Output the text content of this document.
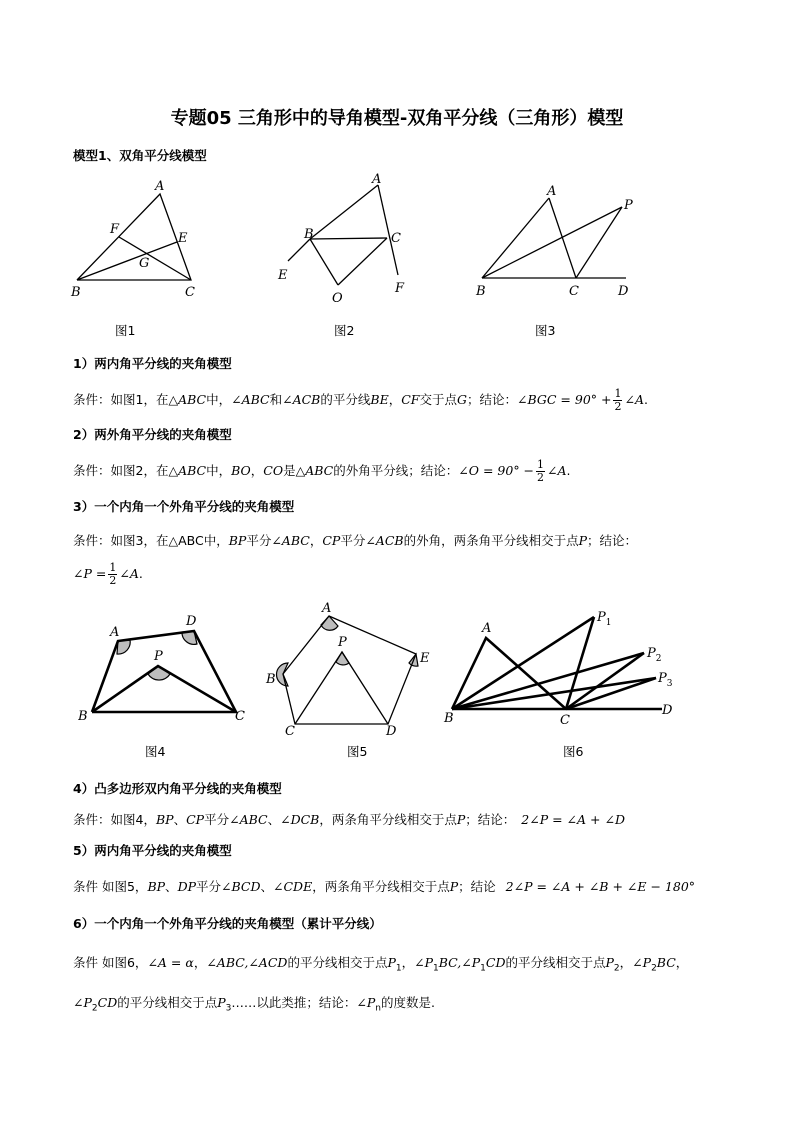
专题05 三角形中的导角模型-双角平分线（三角形）模型
模型1、双角平分线模型
A
B	C
E
F
G
图1
A
B	C
E
F
O
图2
A
B	C	D
P
图3
1）两内角平分线的夹角模型
条件：如图1，在△ABC中，∠ABC和∠ACB的平分线BE，CF交于点G；结论：∠BGC = $90^\circ + \frac{1}{2}$ ∠A.
2）两外角平分线的夹角模型
条件：如图2，在△ABC中，BO，CO是△ABC的外角平分线；结论：∠O = $90^\circ - \frac{1}{2}$ ∠A.
3）一个内角一个外角平分线的夹角模型
条件：如图3，在△ABC中，BP平分∠ABC，CP平分∠ACB的外角，两条角平分线相交于点P；结论：
∠P = $\frac{1}{2}$ ∠A.
A
D
P
B	C
图4
A
B
C	D
E
P
图5
A
B	C
D
$P_1$
$P_2$
$P_3$
图6
4）凸多边形双内角平分线的夹角模型
条件：如图4，BP、CP平分∠ABC、∠DCB，两条角平分线相交于点P；结论： 2∠P = ∠A + ∠D
5）两内角平分线的夹角模型
条件 如图5，BP、DP平分∠BCD、∠CDE，两条角平分线相交于点P；结论 2∠P = ∠A + ∠B + ∠E − 180°
6）一个内角一个外角平分线的夹角模型（累计平分线）
条件 如图6，∠A = α，∠ABC,∠ACD的平分线相交于点$P_1$，$\angle P_1BC,\angle P_1CD$的平分线相交于点$P_2$，$\angle P_2BC$，
$\angle P_2CD$的平分线相交于点$P_3\dots\dots$以此类推；结论：$\angle P_n$的度数是.
